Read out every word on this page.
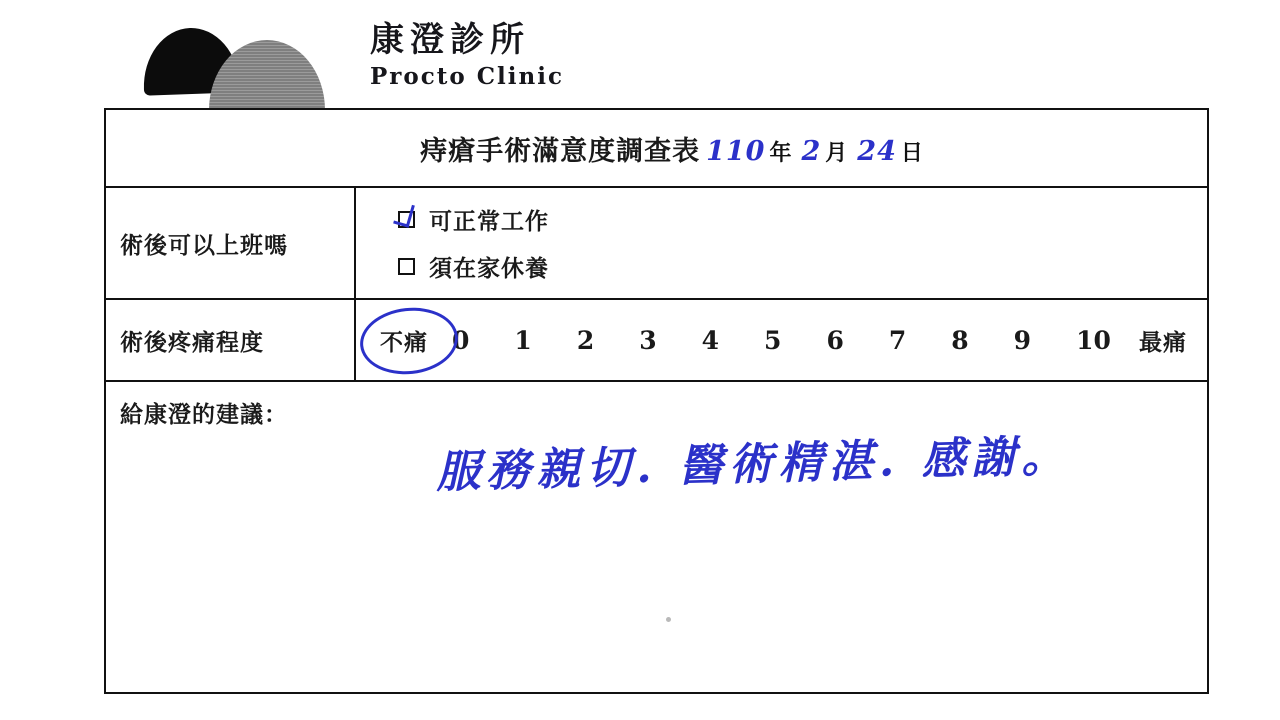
康澄診所
Procto Clinic
痔瘡手術滿意度調查表 110 年 2 月 24 日
術後可以上班嗎
可正常工作
須在家休養
術後疼痛程度	不痛 0 1 2 3 4 5 6 7 8 9 10 最痛
給康澄的建議：
服務親切. 醫術精湛. 感謝。
